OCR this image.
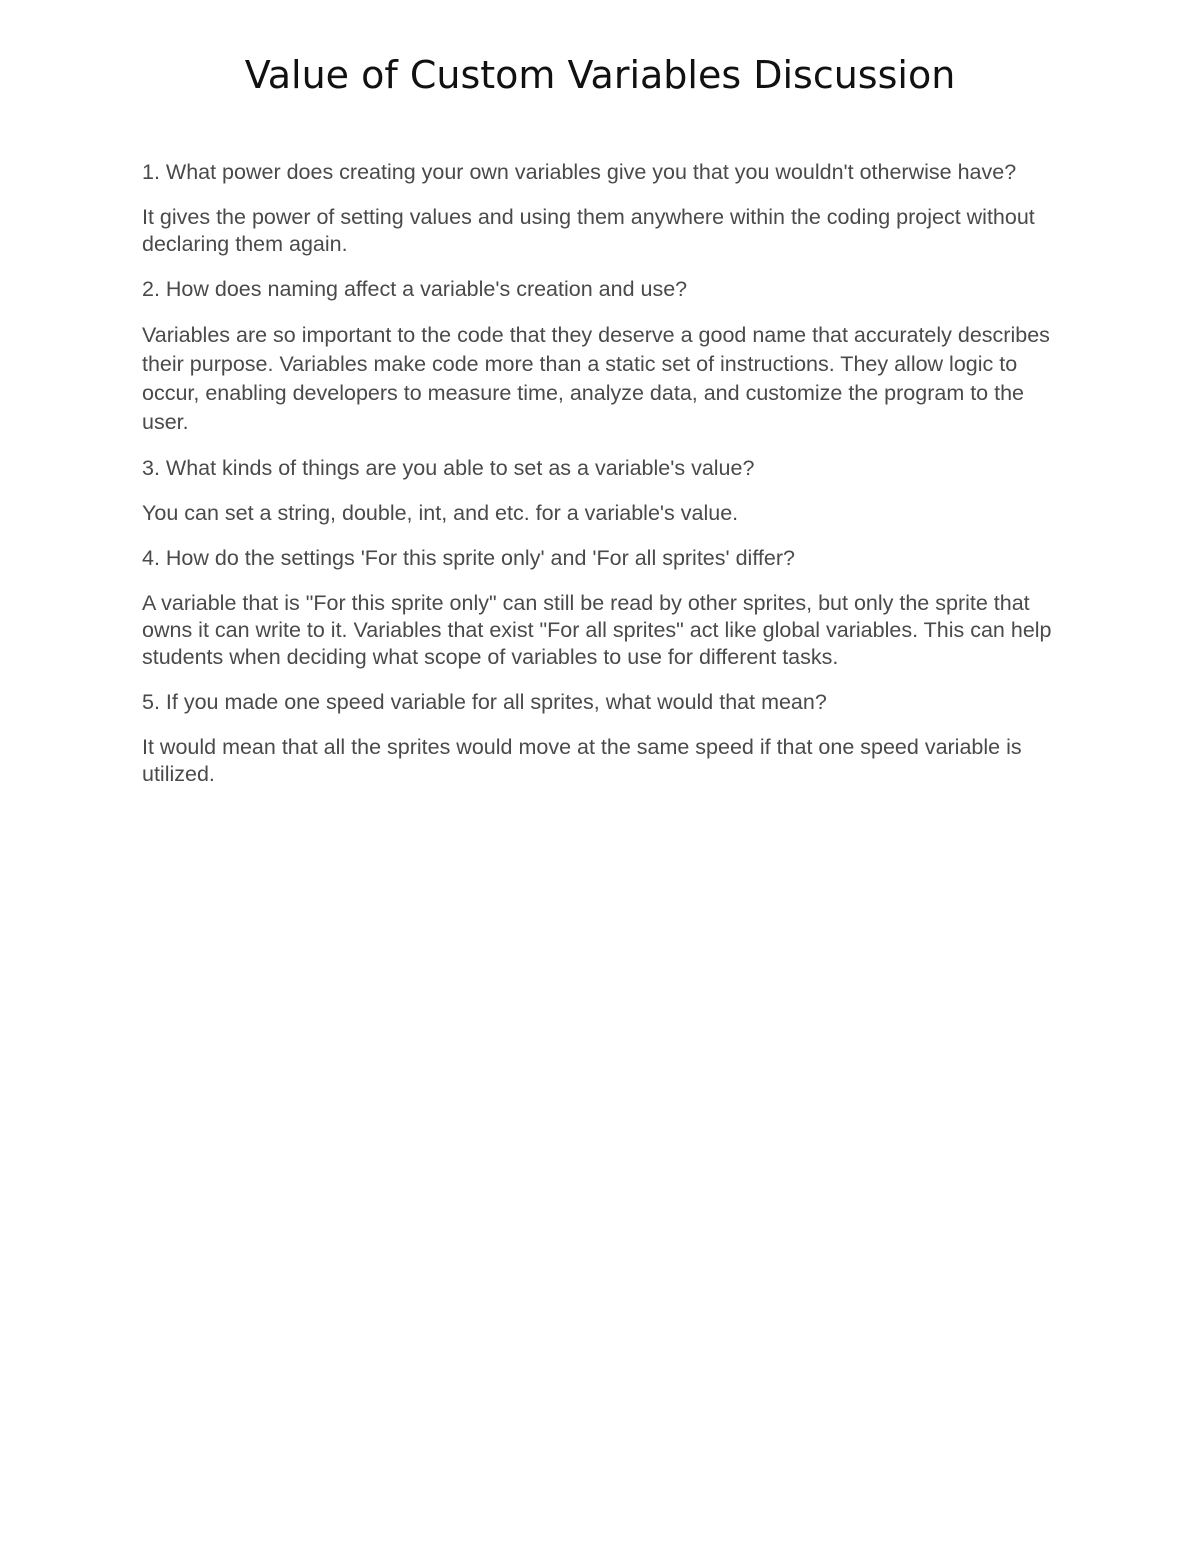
Value of Custom Variables Discussion

1. What power does creating your own variables give you that you wouldn't otherwise have?

It gives the power of setting values and using them anywhere within the coding project without declaring them again.

2. How does naming affect a variable's creation and use?

Variables are so important to the code that they deserve a good name that accurately describes their purpose. Variables make code more than a static set of instructions. They allow logic to occur, enabling developers to measure time, analyze data, and customize the program to the user.

3. What kinds of things are you able to set as a variable's value?

You can set a string, double, int, and etc. for a variable's value.

4. How do the settings 'For this sprite only' and 'For all sprites' differ?

A variable that is "For this sprite only" can still be read by other sprites, but only the sprite that owns it can write to it. Variables that exist "For all sprites" act like global variables. This can help students when deciding what scope of variables to use for different tasks.

5. If you made one speed variable for all sprites, what would that mean?

It would mean that all the sprites would move at the same speed if that one speed variable is utilized.
